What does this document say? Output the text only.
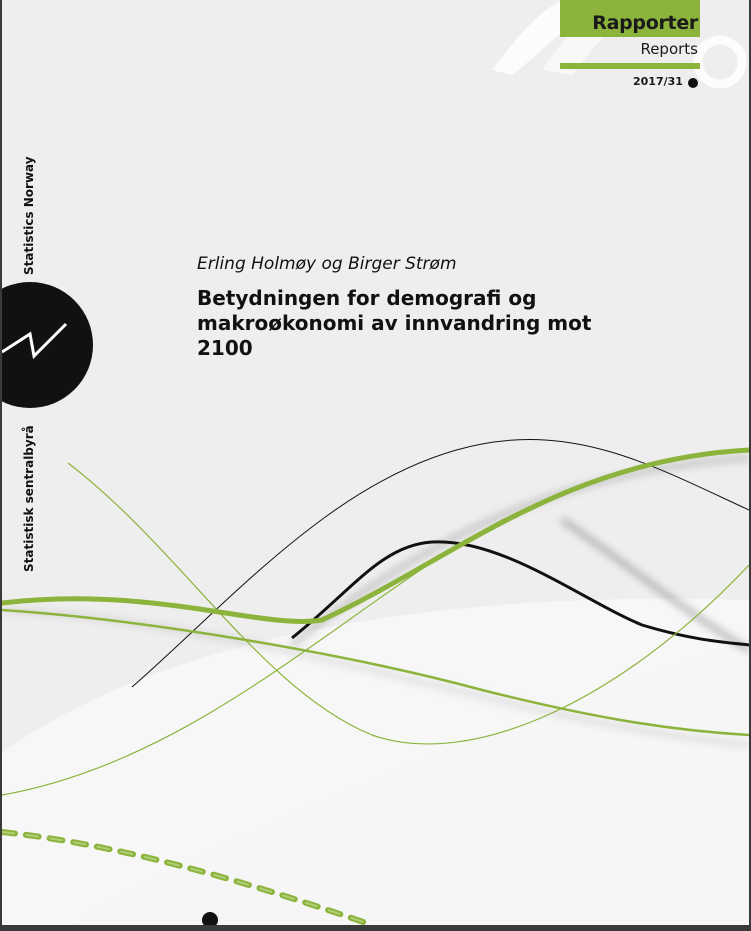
Rapporter
Reports
2017/31
Statistics Norway
Statistisk sentralbyrå
Erling Holmøy og Birger Strøm
Betydningen for demografi og makroøkonomi av innvandring mot 2100
